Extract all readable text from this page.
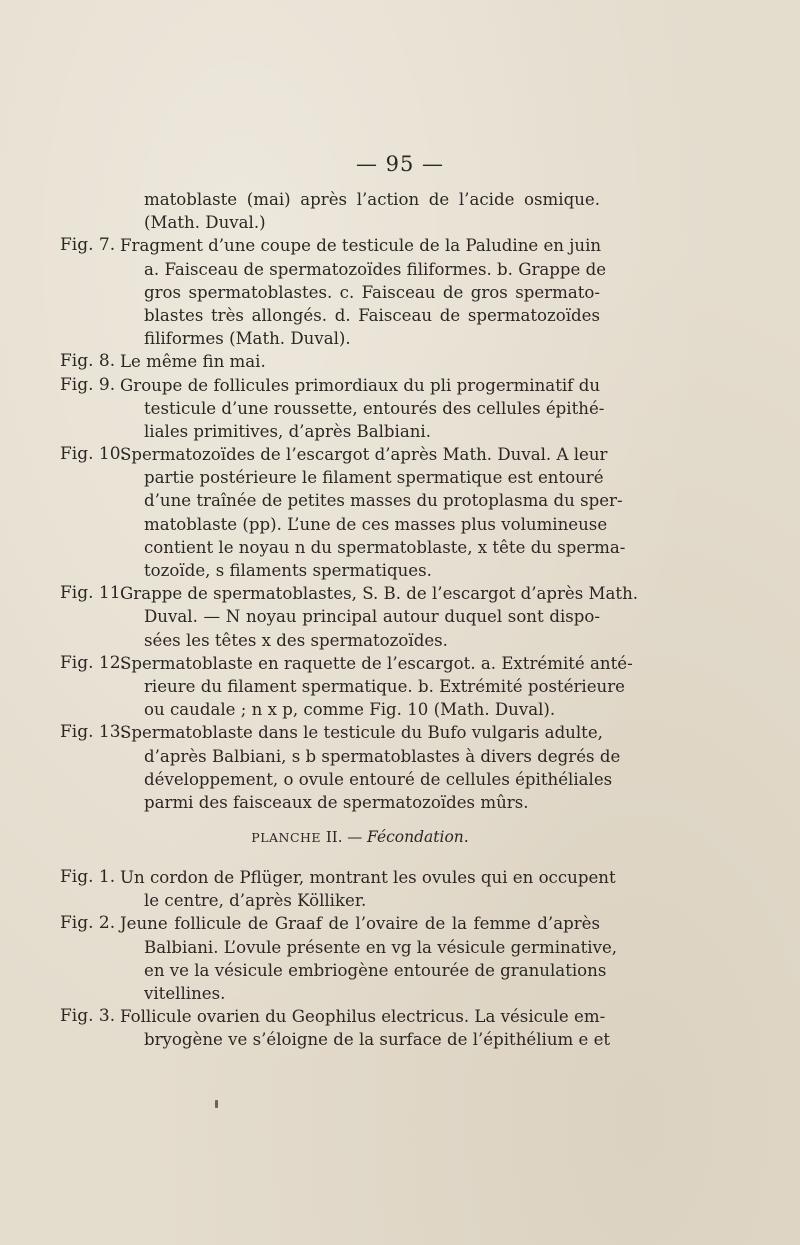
— 95 —
matoblaste (mai) après l’action de l’acide osmique.
(Math. Duval.)
Fig. 7. Fragment d’une coupe de testicule de la Paludine en juin
a. Faisceau de spermatozoïdes filiformes. b. Grappe de
gros spermatoblastes. c. Faisceau de gros spermato-
blastes très allongés. d. Faisceau de spermatozoïdes
filiformes (Math. Duval).
Fig. 8. Le même fin mai.
Fig. 9. Groupe de follicules primordiaux du pli progerminatif du
testicule d’une roussette, entourés des cellules épithé-
liales primitives, d’après Balbiani.
Fig. 10.
Spermatozoïdes de l’escargot d’après Math. Duval. A leur
partie postérieure le filament spermatique est entouré
d’une traînée de petites masses du protoplasma du sper-
matoblaste (pp). L’une de ces masses plus volumineuse
contient le noyau n du spermatoblaste, x tête du sperma-
tozoïde, s filaments spermatiques.
Fig. 11.
Grappe de spermatoblastes, S. B. de l’escargot d’après Math.
Duval. — N noyau principal autour duquel sont dispo-
sées les têtes x des spermatozoïdes.
Fig. 12.
Spermatoblaste en raquette de l’escargot. a. Extrémité anté-
rieure du filament spermatique. b. Extrémité postérieure
ou caudale ; n x p, comme Fig. 10 (Math. Duval).
Fig. 13.
Spermatoblaste dans le testicule du Bufo vulgaris adulte,
d’après Balbiani, s b spermatoblastes à divers degrés de
développement, o ovule entouré de cellules épithéliales
parmi des faisceaux de spermatozoïdes mûrs.
PLANCHE II. — Fécondation.
Fig. 1. Un cordon de Pflüger, montrant les ovules qui en occupent
le centre, d’après Kölliker.
Fig. 2. Jeune follicule de Graaf de l’ovaire de la femme d’après
Balbiani. L’ovule présente en vg la vésicule germinative,
en ve la vésicule embriogène entourée de granulations
vitellines.
Fig. 3. Follicule ovarien du Geophilus electricus. La vésicule em-
bryogène ve s’éloigne de la surface de l’épithélium e et
